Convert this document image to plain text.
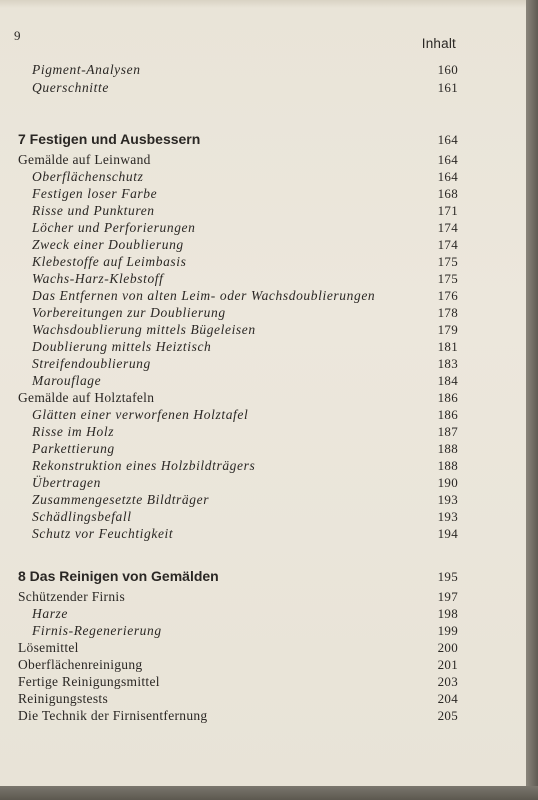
9
Inhalt
Pigment-Analysen	160
Querschnitte	161
7 Festigen und Ausbessern	164
Gemälde auf Leinwand	164
Oberflächenschutz	164
Festigen loser Farbe	168
Risse und Punkturen	171
Löcher und Perforierungen	174
Zweck einer Doublierung	174
Klebestoffe auf Leimbasis	175
Wachs-Harz-Klebstoff	175
Das Entfernen von alten Leim- oder Wachsdoublierungen	176
Vorbereitungen zur Doublierung	178
Wachsdoublierung mittels Bügeleisen	179
Doublierung mittels Heiztisch	181
Streifendoublierung	183
Marouflage	184
Gemälde auf Holztafeln	186
Glätten einer verworfenen Holztafel	186
Risse im Holz	187
Parkettierung	188
Rekonstruktion eines Holzbildträgers	188
Übertragen	190
Zusammengesetzte Bildträger	193
Schädlingsbefall	193
Schutz vor Feuchtigkeit	194
8 Das Reinigen von Gemälden	195
Schützender Firnis	197
Harze	198
Firnis-Regenerierung	199
Lösemittel	200
Oberflächenreinigung	201
Fertige Reinigungsmittel	203
Reinigungstests	204
Die Technik der Firnisentfernung	205
